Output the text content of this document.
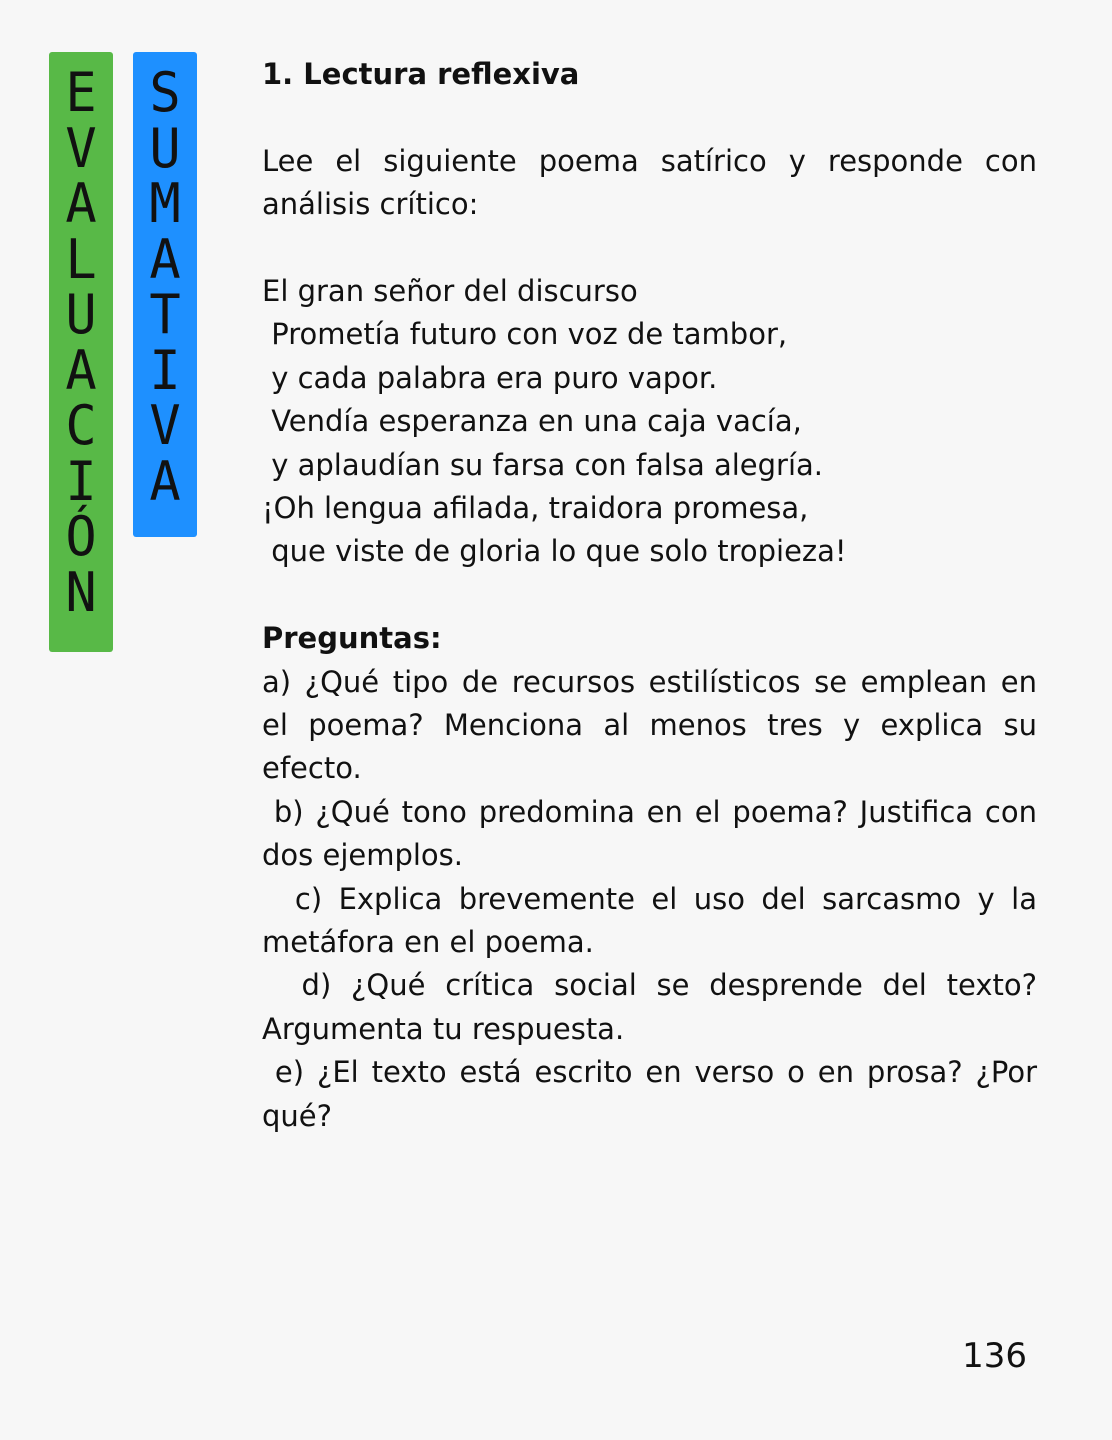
E
V
A
L
U
A
C
I
Ó
N
S
U
M
A
T
I
V
A

1. Lectura reflexiva

Lee el siguiente poema satírico y responde con análisis crítico:

El gran señor del discurso

Prometía futuro con voz de tambor,

y cada palabra era puro vapor.

Vendía esperanza en una caja vacía,

y aplaudían su farsa con falsa alegría.

¡Oh lengua afilada, traidora promesa,

que viste de gloria lo que solo tropieza!

Preguntas:

a) ¿Qué tipo de recursos estilísticos se emplean en el poema? Menciona al menos tres y explica su efecto.

b) ¿Qué tono predomina en el poema? Justifica con dos ejemplos.

c) Explica brevemente el uso del sarcasmo y la metáfora en el poema.

d) ¿Qué crítica social se desprende del texto? Argumenta tu respuesta.

e) ¿El texto está escrito en verso o en prosa? ¿Por qué?

136
